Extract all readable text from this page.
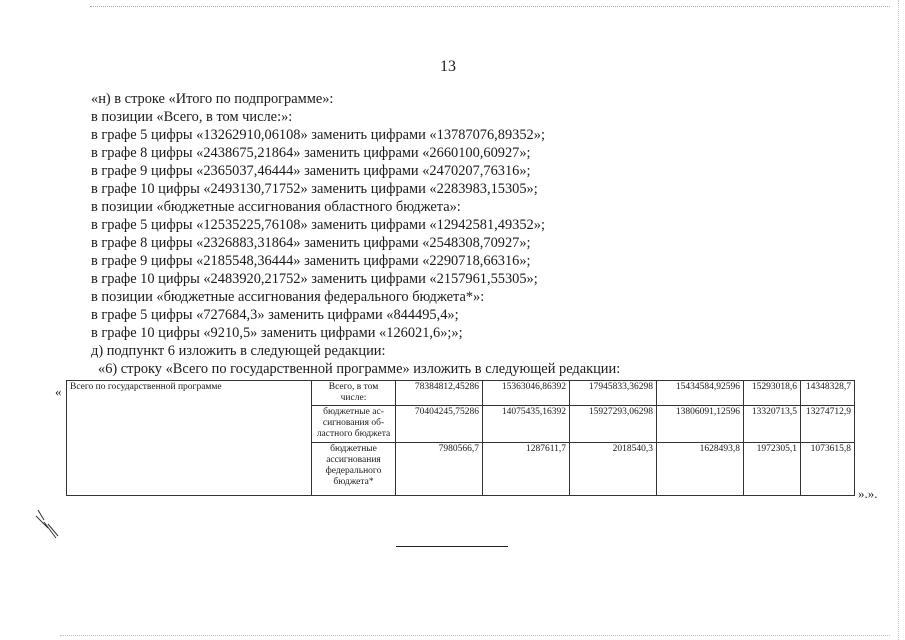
13
«н) в строке «Итого по подпрограмме»:
в позиции «Всего, в том числе:»:
в графе 5 цифры «13262910,06108» заменить цифрами «13787076,89352»;
в графе 8 цифры «2438675,21864» заменить цифрами «2660100,60927»;
в графе 9 цифры «2365037,46444» заменить цифрами «2470207,76316»;
в графе 10 цифры «2493130,71752» заменить цифрами «2283983,15305»;
в позиции «бюджетные ассигнования областного бюджета»:
в графе 5 цифры «12535225,76108» заменить цифрами «12942581,49352»;
в графе 8 цифры «2326883,31864» заменить цифрами «2548308,70927»;
в графе 9 цифры «2185548,36444» заменить цифрами «2290718,66316»;
в графе 10 цифры «2483920,21752» заменить цифрами «2157961,55305»;
в позиции «бюджетные ассигнования федерального бюджета*»:
в графе 5 цифры «727684,3» заменить цифрами «844495,4»;
в графе 10 цифры «9210,5» заменить цифрами «126021,6»;»;
д) подпункт 6 изложить в следующей редакции:
«6) строку «Всего по государственной программе» изложить в следующей редакции:
« Всего по государственной программе	Всего, в том числе:	78384812,45286	15363046,86392	17945833,36298	15434584,92596	15293018,6	14348328,7
	бюджетные ас- сигнования об- ластного бюджета	70404245,75286	14075435,16392	15927293,06298	13806091,12596	13320713,5	13274712,9
	бюджетные ассигнования федерального бюджета*	7980566,7	1287611,7	2018540,3	1628493,8	1972305,1	1073615,8
».».
